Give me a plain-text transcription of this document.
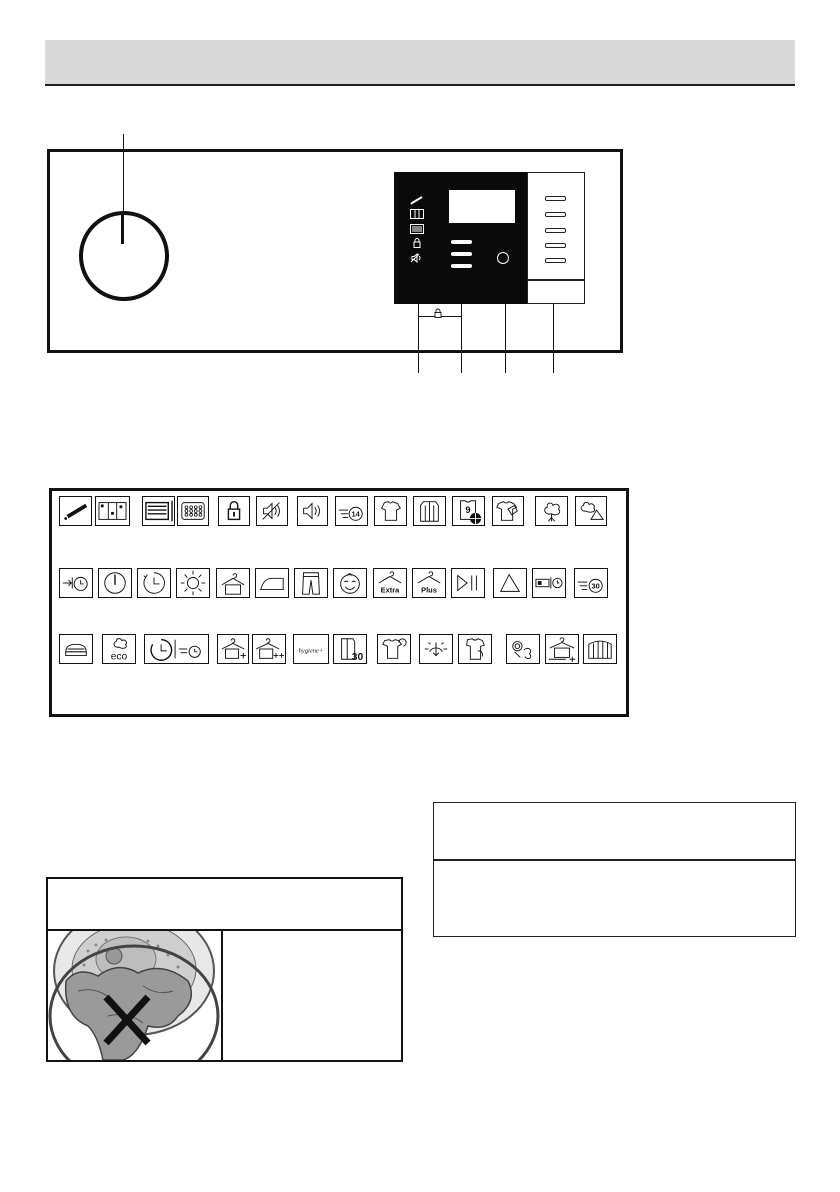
14	9
Extra	Plus	30
eco
hygiene+
30
